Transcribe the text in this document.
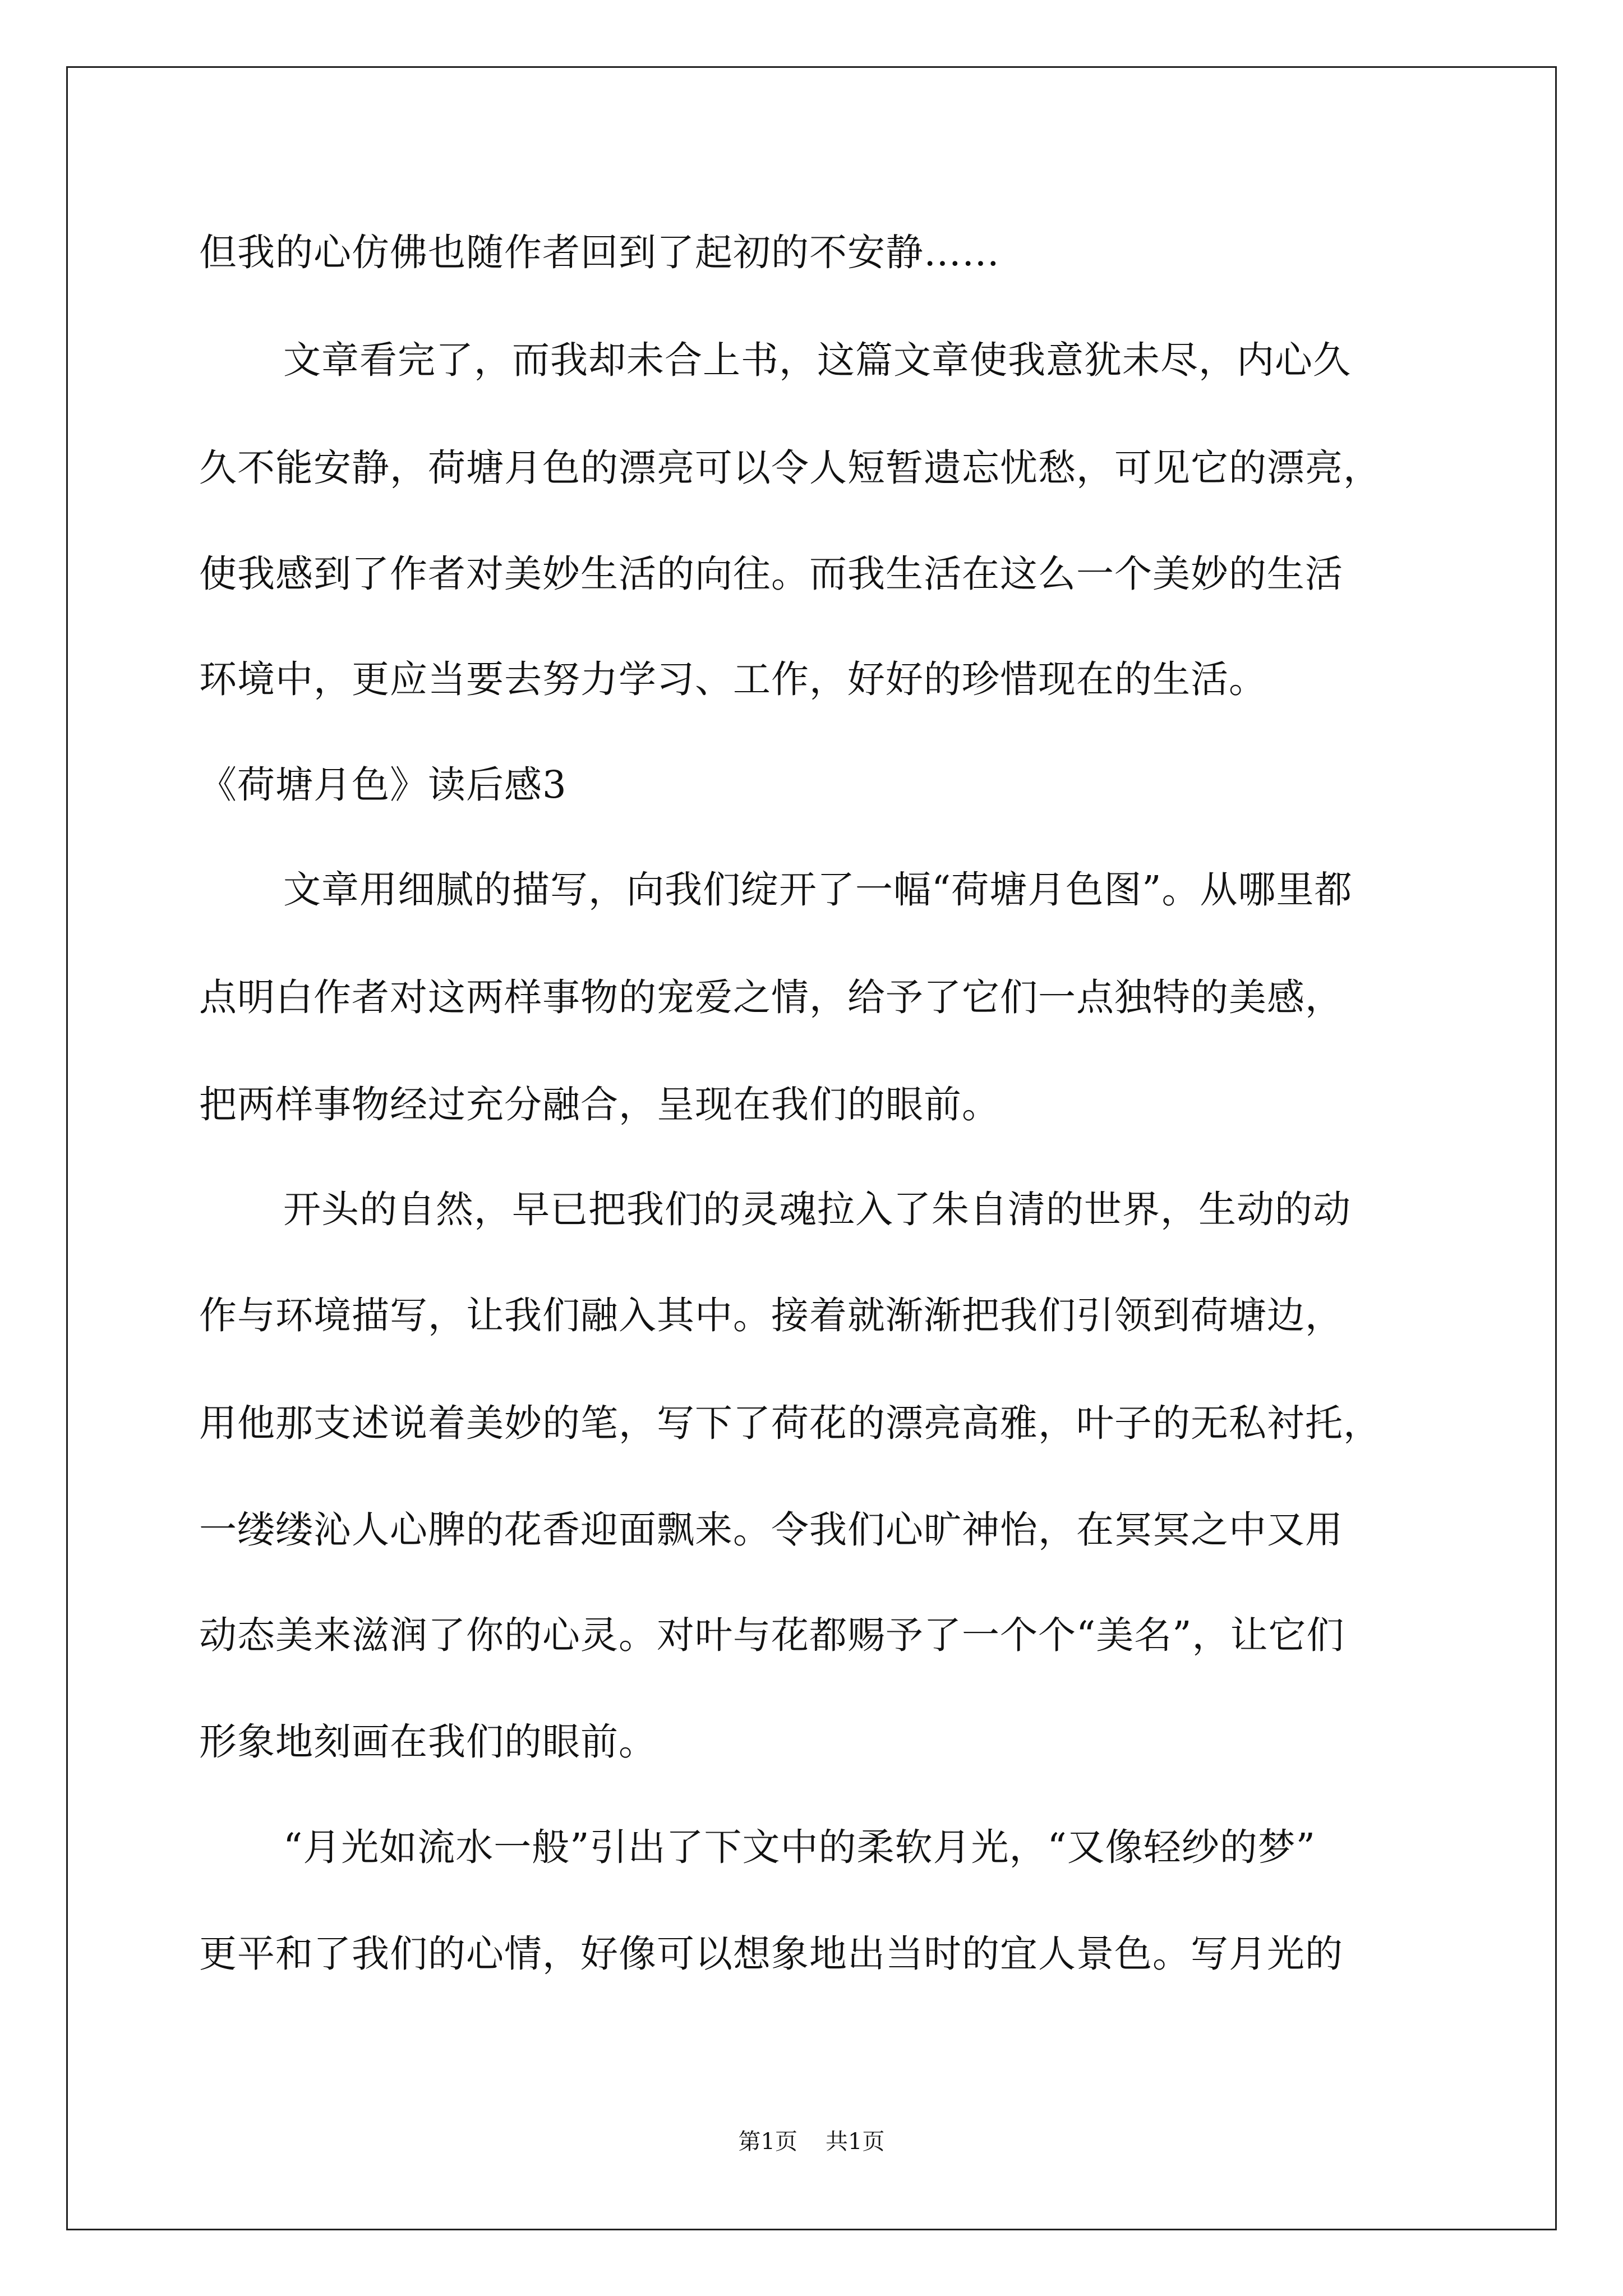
但我的心仿佛也随作者回到了起初的不安静……
文章看完了，而我却未合上书，这篇文章使我意犹未尽，内心久
久不能安静，荷塘月色的漂亮可以令人短暂遗忘忧愁，可见它的漂亮，
使我感到了作者对美妙生活的向往。而我生活在这么一个美妙的生活
环境中，更应当要去努力学习、工作，好好的珍惜现在的生活。
《荷塘月色》读后感3
文章用细腻的描写，向我们绽开了一幅“荷塘月色图”。从哪里都
点明白作者对这两样事物的宠爱之情，给予了它们一点独特的美感，
把两样事物经过充分融合，呈现在我们的眼前。
开头的自然，早已把我们的灵魂拉入了朱自清的世界，生动的动
作与环境描写，让我们融入其中。接着就渐渐把我们引领到荷塘边，
用他那支述说着美妙的笔，写下了荷花的漂亮高雅，叶子的无私衬托，
一缕缕沁人心脾的花香迎面飘来。令我们心旷神怡，在冥冥之中又用
动态美来滋润了你的心灵。对叶与花都赐予了一个个“美名”，让它们
形象地刻画在我们的眼前。
“月光如流水一般”引出了下文中的柔软月光，“又像轻纱的梦”
更平和了我们的心情，好像可以想象地出当时的宜人景色。写月光的
第1页 共1页
